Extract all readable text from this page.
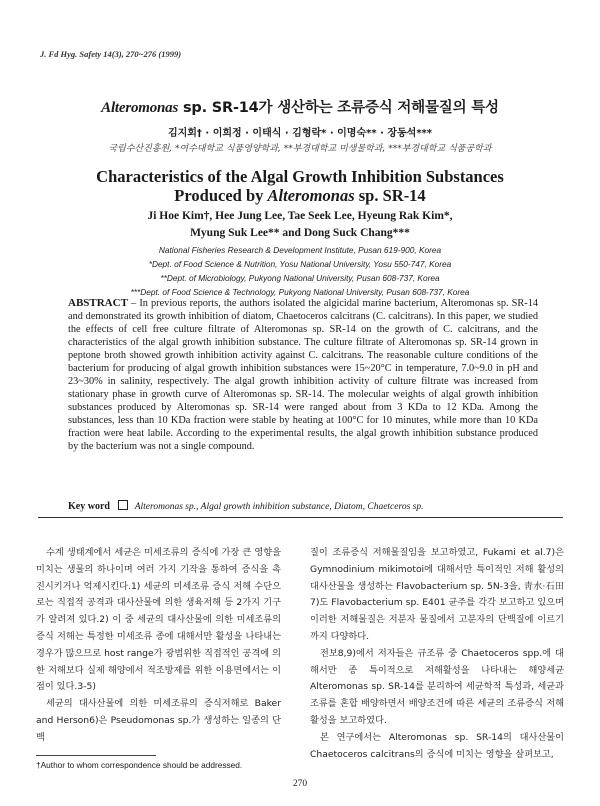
J. Fd Hyg. Safety 14(3), 270~276 (1999)
Alteromonas sp. SR-14가 생산하는 조류증식 저해물질의 특성
김지회† · 이희정 · 이태식 · 김형락* · 이명숙** · 장동석***
국립수산진흥원, *여수대학교 식품영양학과, **부경대학교 미생물학과, ***부경대학교 식품공학과
Characteristics of the Algal Growth Inhibition Substances
Produced by Alteromonas sp. SR-14
Ji Hoe Kim†, Hee Jung Lee, Tae Seek Lee, Hyeung Rak Kim*,
Myung Suk Lee** and Dong Suck Chang***
National Fisheries Research & Development Institute, Pusan 619-900, Korea
*Dept. of Food Science & Nutrition, Yosu National University, Yosu 550-747, Korea
**Dept. of Microbiology, Pukyong National University, Pusan 608-737, Korea
***Dept. of Food Science & Technology, Pukyong National University, Pusan 608-737, Korea
ABSTRACT – In previous reports, the authors isolated the algicidal marine bacterium, Alteromonas sp. SR-14 and demonstrated its growth inhibition of diatom, Chaetoceros calcitrans (C. calcitrans). In this paper, we studied the effects of cell free culture filtrate of Alteromonas sp. SR-14 on the growth of C. calcitrans, and the characteristics of the algal growth inhibition substance. The culture filtrate of Alteromonas sp. SR-14 grown in peptone broth showed growth inhibition activity against C. calcitrans. The reasonable culture conditions of the bacterium for producing of algal growth inhibition substances were 15~20°C in temperature, 7.0~9.0 in pH and 23~30% in salinity, respectively. The algal growth inhibition activity of culture filtrate was increased from stationary phase in growth curve of Alteromonas sp. SR-14. The molecular weights of algal growth inhibition substances produced by Alteromonas sp. SR-14 were ranged about from 3 KDa to 12 KDa. Among the substances, less than 10 KDa fraction were stable by heating at 100°C for 10 minutes, while more than 10 KDa fraction were heat labile. According to the experimental results, the algal growth inhibition substance produced by the bacterium was not a single compound.
Key word	Alteromonas sp., Algal growth inhibition substance, Diatom, Chaetceros sp.

수계 생태계에서 세균은 미세조류의 증식에 가장 큰 영향을 미치는 생물의 하나이며 여러 가지 기작을 통하여 증식을 촉진시키거나 억제시킨다.1) 세균의 미세조류 증식 저해 수단으로는 직접적 공격과 대사산물에 의한 생육저해 등 2가지 기구가 알려져 있다.2) 이 중 세균의 대사산물에 의한 미세조류의 증식 저해는 특정한 미세조류 종에 대해서만 활성을 나타내는 경우가 많으므로 host range가 광범위한 직접적인 공격에 의한 저해보다 실제 해양에서 적조방제를 위한 이용면에서는 이점이 있다.3-5)

세균의 대사산물에 의한 미세조류의 증식저해로 Baker and Herson6)은 Pseudomonas sp.가 생성하는 일종의 단백

질이 조류증식 저해물질임을 보고하였고, Fukami et al.7)은 Gymnodinium mikimotoi에 대해서만 특이적인 저해 활성의 대사산물을 생성하는 Flavobacterium sp. 5N-3을, 靑水·石田7)도 Flavobacterium sp. E401 균주를 각각 보고하고 있으며 이러한 저해물질은 저분자 물질에서 고분자의 단백질에 이르기까지 다양하다.

전보8,9)에서 저자들은 규조류 중 Chaetoceros spp.에 대해서만 종 특이적으로 저해활성을 나타내는 해양세균 Alteromonas sp. SR-14를 분리하여 세균학적 특성과, 세균과 조류를 혼합 배양하면서 배양조건에 따른 세균의 조류증식 저해활성을 보고하였다.

본 연구에서는 Alteromonas sp. SR-14의 대사산물이 Chaetoceros calcitrans의 증식에 미치는 영향을 살펴보고,

†Author to whom correspondence should be addressed.
270
